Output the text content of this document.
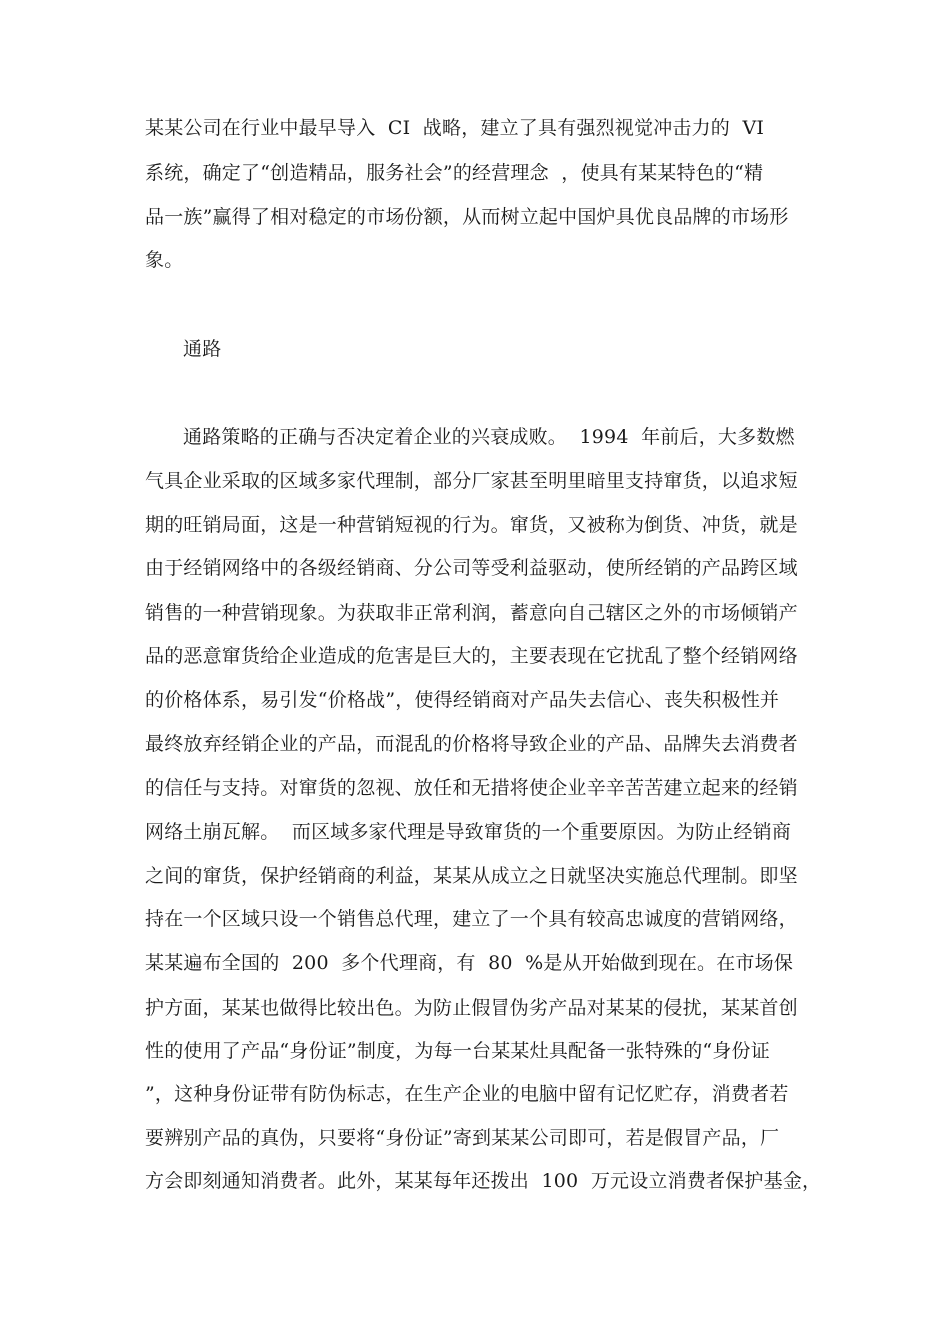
某某公司在行业中最早导入  CI  战略，建立了具有强烈视觉冲击力的  VI
系统，确定了“创造精品，服务社会”的经营理念  ，使具有某某特色的“精
品一族”赢得了相对稳定的市场份额，从而树立起中国炉具优良品牌的市场形
象。
通路
通路策略的正确与否决定着企业的兴衰成败。  1994  年前后，大多数燃
气具企业采取的区域多家代理制，部分厂家甚至明里暗里支持窜货，以追求短
期的旺销局面，这是一种营销短视的行为。窜货，又被称为倒货、冲货，就是
由于经销网络中的各级经销商、分公司等受利益驱动，使所经销的产品跨区域
销售的一种营销现象。为获取非正常利润，蓄意向自己辖区之外的市场倾销产
品的恶意窜货给企业造成的危害是巨大的，主要表现在它扰乱了整个经销网络
的价格体系，易引发“价格战”，使得经销商对产品失去信心、丧失积极性并
最终放弃经销企业的产品，而混乱的价格将导致企业的产品、品牌失去消费者
的信任与支持。对窜货的忽视、放任和无措将使企业辛辛苦苦建立起来的经销
网络土崩瓦解。  而区域多家代理是导致窜货的一个重要原因。为防止经销商
之间的窜货，保护经销商的利益，某某从成立之日就坚决实施总代理制。即坚
持在一个区域只设一个销售总代理，建立了一个具有较高忠诚度的营销网络，
某某遍布全国的  200  多个代理商，有  80  %是从开始做到现在。在市场保
护方面，某某也做得比较出色。为防止假冒伪劣产品对某某的侵扰，某某首创
性的使用了产品“身份证”制度，为每一台某某灶具配备一张特殊的“身份证
”，这种身份证带有防伪标志，在生产企业的电脑中留有记忆贮存，消费者若
要辨别产品的真伪，只要将“身份证”寄到某某公司即可，若是假冒产品，厂
方会即刻通知消费者。此外，某某每年还拨出  100  万元设立消费者保护基金，
